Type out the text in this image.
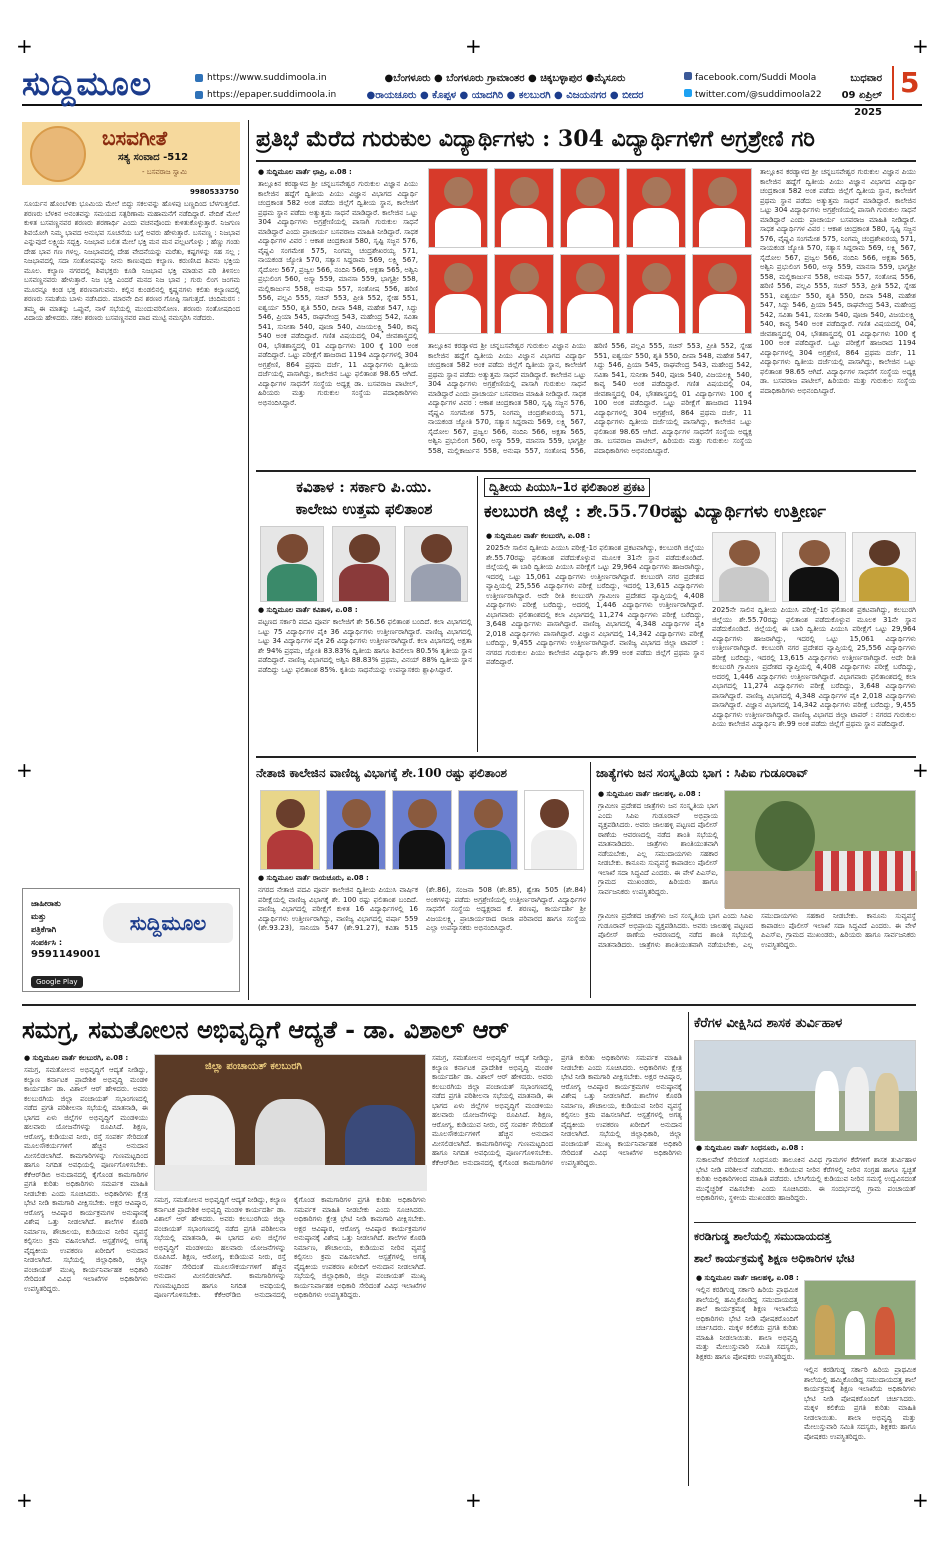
+	+	+
+	+
+	+	+
ಸುದ್ದಿಮೂಲ	https://www.suddimoola.in
https://epaper.suddimoola.in
●ಬೆಂಗಳೂರು ● ಬೆಂಗಳೂರು ಗ್ರಾಮಾಂತರ ● ಚಿಕ್ಕಬಳ್ಳಾಪುರ ●ಮೈಸೂರು
●ರಾಯಚೂರು ● ಕೊಪ್ಪಳ ● ಯಾದಗಿರಿ ● ಕಲಬುರಗಿ ● ವಿಜಯನಗರ ● ಬೀದರ
facebook.com/Suddi Moola
twitter.com/@suddimoola22
ಬುಧವಾರ
09 ಏಪ್ರಿಲ್ 2025
5
ಬಸವಗೀತೆ
ಸತ್ಯ ಸಂವಾದ -512
- ಬಸವರಾಜ ಸ್ವಾಮಿ
9980533750
ಸೂರ್ಯನ ಹೊಂಬೆಳಕು ಭೂಮಿಯ ಮೇಲೆ ಬಿದ್ದು ಸಕಲವನ್ನು ಹೊಳಪು ಬಣ್ಣದಿಂದ ಬೆಳಗುತ್ತಲಿದೆ. ಶರಣರು ಬೆಳಕಿನ ಅನಂತವನ್ನು ಸಮಯದ ಸತ್ಪರಿಣಾಮ ಮಹಾಮನೆಗೆ ನಡೆದಿದ್ದಾರೆ. ವೇದಿಕೆ ಮೇಲೆ ಕುಳಿತ ಬಸವಣ್ಣನವರ ಶರಣರು ಶರಣಾರ್ಥಿ ಎಂದು ವಚನವೊಂದು ಕುಳಿತುಕೊಳ್ಳುತ್ತಾರೆ. ನಿಜಗುಣ ಶಿವಯೋಗಿ ನಿಮ್ಮ ಭಾವದ ಅನುಭವ ಸೂಚನೆಯ ಬಗ್ಗೆ ಅವರು ಹೇಳುತ್ತಾರೆ. ಬಸವಣ್ಣ : ನಿಜಭಾವ ಎನ್ನುವುದೆ ಲಕ್ಷ್ಮಿಯ ಸದ್ಭಕ್ತಿ. ನಿಜಭಾವ ಬಲಿತ ಮೇಲೆ ಭಕ್ತಿ ಮನ ಮನ ಪಲ್ಲಟಗೊಳ್ಳು ; ಹೆಣ್ಣು ಗಂಡು ದೇಹ ಭಾವ ಗಣ ಗಳಲ್ಲ. ನಿಜಭಾವದಲ್ಲಿ ದೇಹ ವೇದನೆಯನ್ನು ಮರೆತು, ಕಷ್ಟಗಳನ್ನು ಸಹ ಸಲ್ಲ ; ನಿಜಭಾವದಲ್ಲಿ ಸದಾ ಸಂತೋಷವನ್ನು ನೀನು ಕಾಣುವುದು ಕಲ್ಯಾಣ. ಕರುಣಿಸಿದ ಶಿವನು ಭಕ್ತಿಯ ಮೂಲ. ಕಲ್ಯಾಣ ನಗರದಲ್ಲಿ ಶಿವಭಕ್ತರು ಕೂಡಿ ನಿಜಭಾವ ಭಕ್ತಿ ಮಾಡುವ ಪರಿ ತಿಳಿಸಲು ಬಸವಣ್ಣನವರು ಹೇಳುತ್ತಾರೆ. ನಿಜ ಭಕ್ತಿ ಎಂದರೆ ಮನದ ನಿಜ ಭಾವ ; ಗುರು ಲಿಂಗ ಜಂಗಮ ಮೂರನ್ನೂ ಕಂಡ ಭಕ್ತ ಶರಣನಾಗುವನು. ಕಲ್ಲಿನ ಕುಂಡಲಿನಲ್ಲಿ ಕೃಷ್ಣನಗಳು ಕಲಿತು ಕಲ್ಯಾಣದಲ್ಲಿ ಶರಣರು ಸಮತೆಯ ಬಾಳು ನಡೆಸಿದರು. ಮಾರನೇ ದಿನ ಶರಣರ ಗೋಷ್ಠಿ ಸಾಗುತ್ತದೆ. ಚಂದಿಮರಸ : ತಮ್ಮ ಈ ಮಾತನ್ನು ಒಪ್ಪುವೆ, ನಾಳೆ ಸಭೆಯಲ್ಲಿ ಮುಂದುವರಿಸೋಣ. ಶರಣರು ಸಂತೋಷದಿಂದ ವಿದಾಯ ಹೇಳಿದರು. ಸಕಲ ಶರಣರು ಬಸವಣ್ಣನವರ ಪಾದ ಮುಟ್ಟಿ ನಮಸ್ಕರಿಸಿ ನಡೆದರು.
ಜಾಹೀರಾತು
ಮತ್ತು
ಪತ್ರಿಕೆಗಾಗಿ
ಸಂಪರ್ಕಿಸಿ :
9591149001
ಸುದ್ದಿಮೂಲ
Google Play
ಪ್ರತಿಭೆ ಮೆರೆದ ಗುರುಕುಲ ವಿದ್ಯಾರ್ಥಿಗಳು : 304 ವಿದ್ಯಾರ್ಥಿಗಳಿಗೆ ಅಗ್ರಶ್ರೇಣಿ ಗರಿ
● ಸುದ್ದಿಮೂಲ ವಾರ್ತೆ ಛಾಪ್ರಿ, ಏ.08 :
ತಾಲ್ಲೂಕಿನ ಕರಡ್ಯಾಳದ ಶ್ರೀ ಚನ್ನಬಸವೇಶ್ವರ ಗುರುಕುಲ ವಿಜ್ಞಾನ ಪಿಯು ಕಾಲೇಜಿನ ಹದ್ದೆಗೆ ದ್ವಿತೀಯ ಪಿಯು ವಿಜ್ಞಾನ ವಿಭಾಗದ ವಿದ್ಯಾರ್ಥಿ ಚಂದ್ರಕಾಂತ 582 ಅಂಕ ಪಡೆದು ಜಿಲ್ಲೆಗೆ ದ್ವಿತೀಯ ಸ್ಥಾನ, ಕಾಲೇಜಿಗೆ ಪ್ರಥಮ ಸ್ಥಾನ ಪಡೆದು ಅತ್ಯುತ್ತಮ ಸಾಧನೆ ಮಾಡಿದ್ದಾರೆ. ಕಾಲೇಜಿನ ಒಟ್ಟು 304 ವಿದ್ಯಾರ್ಥಿಗಳು ಅಗ್ರಶ್ರೇಣಿಯಲ್ಲಿ ಪಾಸಾಗಿ ಗುರುಕುಲ ಸಾಧನೆ ಮಾಡಿದ್ದಾರೆ ಎಂದು ಪ್ರಾಚಾರ್ಯ ಬಸವರಾಜ ಮಾಹಿತಿ ನೀಡಿದ್ದಾರೆ. ಸಾಧಕ ವಿದ್ಯಾರ್ಥಿಗಳ ವಿವರ : ಆಕಾಶ ಚಿಂದ್ರಕಾಂತ 580, ಸೃಷ್ಟಿ ಸಜ್ಜನ 576, ವೈಷ್ಣವಿ ಸಂಗಮೇಶ 575, ನಿಂಗಮ್ಮ ಚಂದ್ರಶೇಖರಯ್ಯ 571, ನಾಯಕಂಡ ಜ್ಯೋತಿ 570, ಸತ್ಯಾಸ ಸಿದ್ದರಾಮ 569, ಲಕ್ಷ್ಮಿ 567, ಸೈದೋಲ 567, ಪ್ರಜ್ವಲ 566, ನಂದಿನಿ 566, ಅಕ್ಷತಾ 565, ಅಶ್ವಿನಿ ಪ್ರಭುಲಿಂಗ 560, ಅಸ್ಮಾ 559, ಮಾನಸಾ 559, ಭಾಗ್ಯಶ್ರೀ 558, ಮಲ್ಲಿಕಾರ್ಜುನ 558, ಅನುಷಾ 557, ಸಂತೋಷ 556, ಹರಿಣಿ 556, ಪಲ್ಲವಿ 555, ಸಚಿನ್ 553, ಪ್ರೀತಿ 552, ಸ್ನೇಹ 551, ಐಶ್ವರ್ಯ 550, ಶೃತಿ 550, ದೀಪಾ 548, ಮಹೇಶ 547, ಸಿದ್ದು 546, ಪ್ರಿಯಾ 545, ರಾಘವೇಂದ್ರ 543, ಮಹೇಂದ್ರ 542, ಸವಿತಾ 541, ಸುನೀತಾ 540, ಪೂಜಾ 540, ವಿಜಯಲಕ್ಷ್ಮಿ 540, ಕಾವ್ಯ 540 ಅಂಕ ಪಡೆದಿದ್ದಾರೆ. ಗಣಿತ ವಿಷಯದಲ್ಲಿ 04, ಜೀವಶಾಸ್ತ್ರದಲ್ಲಿ 04, ಭೌತಶಾಸ್ತ್ರದಲ್ಲಿ 01 ವಿದ್ಯಾರ್ಥಿಗಳು 100 ಕ್ಕೆ 100 ಅಂಕ ಪಡೆದಿದ್ದಾರೆ. ಒಟ್ಟು ಪರೀಕ್ಷೆಗೆ ಹಾಜರಾದ 1194 ವಿದ್ಯಾರ್ಥಿಗಳಲ್ಲಿ 304 ಅಗ್ರಶ್ರೇಣಿ, 864 ಪ್ರಥಮ ದರ್ಜೆ, 11 ವಿದ್ಯಾರ್ಥಿಗಳು ದ್ವಿತೀಯ ದರ್ಜೆಯಲ್ಲಿ ಪಾಸಾಗಿದ್ದು, ಕಾಲೇಜಿನ ಒಟ್ಟು ಫಲಿತಾಂಶ 98.65 ಆಗಿದೆ. ವಿದ್ಯಾರ್ಥಿಗಳ ಸಾಧನೆಗೆ ಸಂಸ್ಥೆಯ ಅಧ್ಯಕ್ಷ ಡಾ. ಬಸವರಾಜ ಪಾಟೀಲ್, ಹಿರಿಯರು ಮತ್ತು ಗುರುಕುಲ ಸಂಸ್ಥೆಯ ಪದಾಧಿಕಾರಿಗಳು ಅಭಿನಂದಿಸಿದ್ದಾರೆ.
ತಾಲ್ಲೂಕಿನ ಕರಡ್ಯಾಳದ ಶ್ರೀ ಚನ್ನಬಸವೇಶ್ವರ ಗುರುಕುಲ ವಿಜ್ಞಾನ ಪಿಯು ಕಾಲೇಜಿನ ಹದ್ದೆಗೆ ದ್ವಿತೀಯ ಪಿಯು ವಿಜ್ಞಾನ ವಿಭಾಗದ ವಿದ್ಯಾರ್ಥಿ ಚಂದ್ರಕಾಂತ 582 ಅಂಕ ಪಡೆದು ಜಿಲ್ಲೆಗೆ ದ್ವಿತೀಯ ಸ್ಥಾನ, ಕಾಲೇಜಿಗೆ ಪ್ರಥಮ ಸ್ಥಾನ ಪಡೆದು ಅತ್ಯುತ್ತಮ ಸಾಧನೆ ಮಾಡಿದ್ದಾರೆ. ಕಾಲೇಜಿನ ಒಟ್ಟು 304 ವಿದ್ಯಾರ್ಥಿಗಳು ಅಗ್ರಶ್ರೇಣಿಯಲ್ಲಿ ಪಾಸಾಗಿ ಗುರುಕುಲ ಸಾಧನೆ ಮಾಡಿದ್ದಾರೆ ಎಂದು ಪ್ರಾಚಾರ್ಯ ಬಸವರಾಜ ಮಾಹಿತಿ ನೀಡಿದ್ದಾರೆ. ಸಾಧಕ ವಿದ್ಯಾರ್ಥಿಗಳ ವಿವರ : ಆಕಾಶ ಚಿಂದ್ರಕಾಂತ 580, ಸೃಷ್ಟಿ ಸಜ್ಜನ 576, ವೈಷ್ಣವಿ ಸಂಗಮೇಶ 575, ನಿಂಗಮ್ಮ ಚಂದ್ರಶೇಖರಯ್ಯ 571, ನಾಯಕಂಡ ಜ್ಯೋತಿ 570, ಸತ್ಯಾಸ ಸಿದ್ದರಾಮ 569, ಲಕ್ಷ್ಮಿ 567, ಸೈದೋಲ 567, ಪ್ರಜ್ವಲ 566, ನಂದಿನಿ 566, ಅಕ್ಷತಾ 565, ಅಶ್ವಿನಿ ಪ್ರಭುಲಿಂಗ 560, ಅಸ್ಮಾ 559, ಮಾನಸಾ 559, ಭಾಗ್ಯಶ್ರೀ 558, ಮಲ್ಲಿಕಾರ್ಜುನ 558, ಅನುಷಾ 557, ಸಂತೋಷ 556, ಹರಿಣಿ 556, ಪಲ್ಲವಿ 555, ಸಚಿನ್ 553, ಪ್ರೀತಿ 552, ಸ್ನೇಹ 551, ಐಶ್ವರ್ಯ 550, ಶೃತಿ 550, ದೀಪಾ 548, ಮಹೇಶ 547, ಸಿದ್ದು 546, ಪ್ರಿಯಾ 545, ರಾಘವೇಂದ್ರ 543, ಮಹೇಂದ್ರ 542, ಸವಿತಾ 541, ಸುನೀತಾ 540, ಪೂಜಾ 540, ವಿಜಯಲಕ್ಷ್ಮಿ 540, ಕಾವ್ಯ 540 ಅಂಕ ಪಡೆದಿದ್ದಾರೆ. ಗಣಿತ ವಿಷಯದಲ್ಲಿ 04, ಜೀವಶಾಸ್ತ್ರದಲ್ಲಿ 04, ಭೌತಶಾಸ್ತ್ರದಲ್ಲಿ 01 ವಿದ್ಯಾರ್ಥಿಗಳು 100 ಕ್ಕೆ 100 ಅಂಕ ಪಡೆದಿದ್ದಾರೆ. ಒಟ್ಟು ಪರೀಕ್ಷೆಗೆ ಹಾಜರಾದ 1194 ವಿದ್ಯಾರ್ಥಿಗಳಲ್ಲಿ 304 ಅಗ್ರಶ್ರೇಣಿ, 864 ಪ್ರಥಮ ದರ್ಜೆ, 11 ವಿದ್ಯಾರ್ಥಿಗಳು ದ್ವಿತೀಯ ದರ್ಜೆಯಲ್ಲಿ ಪಾಸಾಗಿದ್ದು, ಕಾಲೇಜಿನ ಒಟ್ಟು ಫಲಿತಾಂಶ 98.65 ಆಗಿದೆ. ವಿದ್ಯಾರ್ಥಿಗಳ ಸಾಧನೆಗೆ ಸಂಸ್ಥೆಯ ಅಧ್ಯಕ್ಷ ಡಾ. ಬಸವರಾಜ ಪಾಟೀಲ್, ಹಿರಿಯರು ಮತ್ತು ಗುರುಕುಲ ಸಂಸ್ಥೆಯ ಪದಾಧಿಕಾರಿಗಳು ಅಭಿನಂದಿಸಿದ್ದಾರೆ.
ತಾಲ್ಲೂಕಿನ ಕರಡ್ಯಾಳದ ಶ್ರೀ ಚನ್ನಬಸವೇಶ್ವರ ಗುರುಕುಲ ವಿಜ್ಞಾನ ಪಿಯು ಕಾಲೇಜಿನ ಹದ್ದೆಗೆ ದ್ವಿತೀಯ ಪಿಯು ವಿಜ್ಞಾನ ವಿಭಾಗದ ವಿದ್ಯಾರ್ಥಿ ಚಂದ್ರಕಾಂತ 582 ಅಂಕ ಪಡೆದು ಜಿಲ್ಲೆಗೆ ದ್ವಿತೀಯ ಸ್ಥಾನ, ಕಾಲೇಜಿಗೆ ಪ್ರಥಮ ಸ್ಥಾನ ಪಡೆದು ಅತ್ಯುತ್ತಮ ಸಾಧನೆ ಮಾಡಿದ್ದಾರೆ. ಕಾಲೇಜಿನ ಒಟ್ಟು 304 ವಿದ್ಯಾರ್ಥಿಗಳು ಅಗ್ರಶ್ರೇಣಿಯಲ್ಲಿ ಪಾಸಾಗಿ ಗುರುಕುಲ ಸಾಧನೆ ಮಾಡಿದ್ದಾರೆ ಎಂದು ಪ್ರಾಚಾರ್ಯ ಬಸವರಾಜ ಮಾಹಿತಿ ನೀಡಿದ್ದಾರೆ. ಸಾಧಕ ವಿದ್ಯಾರ್ಥಿಗಳ ವಿವರ : ಆಕಾಶ ಚಿಂದ್ರಕಾಂತ 580, ಸೃಷ್ಟಿ ಸಜ್ಜನ 576, ವೈಷ್ಣವಿ ಸಂಗಮೇಶ 575, ನಿಂಗಮ್ಮ ಚಂದ್ರಶೇಖರಯ್ಯ 571, ನಾಯಕಂಡ ಜ್ಯೋತಿ 570, ಸತ್ಯಾಸ ಸಿದ್ದರಾಮ 569, ಲಕ್ಷ್ಮಿ 567, ಸೈದೋಲ 567, ಪ್ರಜ್ವಲ 566, ನಂದಿನಿ 566, ಅಕ್ಷತಾ 565, ಅಶ್ವಿನಿ ಪ್ರಭುಲಿಂಗ 560, ಅಸ್ಮಾ 559, ಮಾನಸಾ 559, ಭಾಗ್ಯಶ್ರೀ 558, ಮಲ್ಲಿಕಾರ್ಜುನ 558, ಅನುಷಾ 557, ಸಂತೋಷ 556, ಹರಿಣಿ 556, ಪಲ್ಲವಿ 555, ಸಚಿನ್ 553, ಪ್ರೀತಿ 552, ಸ್ನೇಹ 551, ಐಶ್ವರ್ಯ 550, ಶೃತಿ 550, ದೀಪಾ 548, ಮಹೇಶ 547, ಸಿದ್ದು 546, ಪ್ರಿಯಾ 545, ರಾಘವೇಂದ್ರ 543, ಮಹೇಂದ್ರ 542, ಸವಿತಾ 541, ಸುನೀತಾ 540, ಪೂಜಾ 540, ವಿಜಯಲಕ್ಷ್ಮಿ 540, ಕಾವ್ಯ 540 ಅಂಕ ಪಡೆದಿದ್ದಾರೆ. ಗಣಿತ ವಿಷಯದಲ್ಲಿ 04, ಜೀವಶಾಸ್ತ್ರದಲ್ಲಿ 04, ಭೌತಶಾಸ್ತ್ರದಲ್ಲಿ 01 ವಿದ್ಯಾರ್ಥಿಗಳು 100 ಕ್ಕೆ 100 ಅಂಕ ಪಡೆದಿದ್ದಾರೆ. ಒಟ್ಟು ಪರೀಕ್ಷೆಗೆ ಹಾಜರಾದ 1194 ವಿದ್ಯಾರ್ಥಿಗಳಲ್ಲಿ 304 ಅಗ್ರಶ್ರೇಣಿ, 864 ಪ್ರಥಮ ದರ್ಜೆ, 11 ವಿದ್ಯಾರ್ಥಿಗಳು ದ್ವಿತೀಯ ದರ್ಜೆಯಲ್ಲಿ ಪಾಸಾಗಿದ್ದು, ಕಾಲೇಜಿನ ಒಟ್ಟು ಫಲಿತಾಂಶ 98.65 ಆಗಿದೆ. ವಿದ್ಯಾರ್ಥಿಗಳ ಸಾಧನೆಗೆ ಸಂಸ್ಥೆಯ ಅಧ್ಯಕ್ಷ ಡಾ. ಬಸವರಾಜ ಪಾಟೀಲ್, ಹಿರಿಯರು ಮತ್ತು ಗುರುಕುಲ ಸಂಸ್ಥೆಯ ಪದಾಧಿಕಾರಿಗಳು ಅಭಿನಂದಿಸಿದ್ದಾರೆ.
ಕವಿತಾಳ : ಸರ್ಕಾರಿ ಪಿ.ಯು.
ಕಾಲೇಜು ಉತ್ತಮ ಫಲಿತಾಂಶ
● ಸುದ್ದಿಮೂಲ ವಾರ್ತೆ ಕವಿತಾಳ, ಏ.08 :
ಪಟ್ಟಣದ ಸರ್ಕಾರಿ ಪದವಿ ಪೂರ್ವ ಕಾಲೇಜಿಗೆ ಶೇ 56.56 ಫಲಿತಾಂಶ ಬಂದಿದೆ. ಕಲಾ ವಿಭಾಗದಲ್ಲಿ ಒಟ್ಟು 75 ವಿದ್ಯಾರ್ಥಿಗಳ ಪೈಕಿ 36 ವಿದ್ಯಾರ್ಥಿಗಳು ಉತ್ತೀರ್ಣರಾಗಿದ್ದಾರೆ. ವಾಣಿಜ್ಯ ವಿಭಾಗದಲ್ಲಿ ಒಟ್ಟು 34 ವಿದ್ಯಾರ್ಥಿಗಳ ಪೈಕಿ 26 ವಿದ್ಯಾರ್ಥಿಗಳು ಉತ್ತೀರ್ಣರಾಗಿದ್ದಾರೆ. ಕಲಾ ವಿಭಾಗದಲ್ಲಿ ಅಕ್ಷತಾ ಶೇ 94% ಪ್ರಥಮ, ಜ್ಯೋತಿ 83.83% ದ್ವಿತೀಯ ಹಾಗೂ ಶಿವಲೀಲಾ 80.5% ತೃತೀಯ ಸ್ಥಾನ ಪಡೆದಿದ್ದಾರೆ. ವಾಣಿಜ್ಯ ವಿಭಾಗದಲ್ಲಿ ಅಶ್ವಿನಿ 88.83% ಪ್ರಥಮ, ವಿನಯ್ 88% ದ್ವಿತೀಯ ಸ್ಥಾನ ಪಡೆದಿದ್ದು ಒಟ್ಟು ಫಲಿತಾಂಶ 85%. ಕೃತಿಯ ಸಾಧನೆಯನ್ನು ಉಪನ್ಯಾಸಕರು ಶ್ಲಾಘಿಸಿದ್ದಾರೆ.
ದ್ವಿತೀಯ ಪಿಯುಸಿ–1ರ ಫಲಿತಾಂಶ ಪ್ರಕಟ
ಕಲಬುರಗಿ ಜಿಲ್ಲೆ : ಶೇ.55.70ರಷ್ಟು ವಿದ್ಯಾರ್ಥಿಗಳು ಉತ್ತೀರ್ಣ
● ಸುದ್ದಿಮೂಲ ವಾರ್ತೆ ಕಲಬುರಗಿ, ಏ.08 :
2025ನೇ ಸಾಲಿನ ದ್ವಿತೀಯ ಪಿಯುಸಿ ಪರೀಕ್ಷೆ-1ರ ಫಲಿತಾಂಶ ಪ್ರಕಟವಾಗಿದ್ದು, ಕಲಬುರಗಿ ಜಿಲ್ಲೆಯು ಶೇ.55.70ರಷ್ಟು ಫಲಿತಾಂಶ ಪಡೆದುಕೊಳ್ಳುವ ಮೂಲಕ 31ನೇ ಸ್ಥಾನ ಪಡೆದುಕೊಂಡಿದೆ. ಜಿಲ್ಲೆಯಲ್ಲಿ ಈ ಬಾರಿ ದ್ವಿತೀಯ ಪಿಯುಸಿ ಪರೀಕ್ಷೆಗೆ ಒಟ್ಟು 29,964 ವಿದ್ಯಾರ್ಥಿಗಳು ಹಾಜರಾಗಿದ್ದು, ಇದರಲ್ಲಿ ಒಟ್ಟು 15,061 ವಿದ್ಯಾರ್ಥಿಗಳು ಉತ್ತೀರ್ಣರಾಗಿದ್ದಾರೆ. ಕಲಬುರಗಿ ನಗರ ಪ್ರದೇಶದ ವ್ಯಾಪ್ತಿಯಲ್ಲಿ 25,556 ವಿದ್ಯಾರ್ಥಿಗಳು ಪರೀಕ್ಷೆ ಬರೆದಿದ್ದು, ಇದರಲ್ಲಿ 13,615 ವಿದ್ಯಾರ್ಥಿಗಳು ಉತ್ತೀರ್ಣರಾಗಿದ್ದಾರೆ. ಅದೇ ರೀತಿ ಕಲಬುರಗಿ ಗ್ರಾಮೀಣ ಪ್ರದೇಶದ ವ್ಯಾಪ್ತಿಯಲ್ಲಿ 4,408 ವಿದ್ಯಾರ್ಥಿಗಳು ಪರೀಕ್ಷೆ ಬರೆದಿದ್ದು, ಅದರಲ್ಲಿ 1,446 ವಿದ್ಯಾರ್ಥಿಗಳು ಉತ್ತೀರ್ಣರಾಗಿದ್ದಾರೆ. ವಿಭಾಗವಾರು ಫಲಿತಾಂಶದಲ್ಲಿ ಕಲಾ ವಿಭಾಗದಲ್ಲಿ 11,274 ವಿದ್ಯಾರ್ಥಿಗಳು ಪರೀಕ್ಷೆ ಬರೆದಿದ್ದು, 3,648 ವಿದ್ಯಾರ್ಥಿಗಳು ಪಾಸಾಗಿದ್ದಾರೆ. ವಾಣಿಜ್ಯ ವಿಭಾಗದಲ್ಲಿ 4,348 ವಿದ್ಯಾರ್ಥಿಗಳ ಪೈಕಿ 2,018 ವಿದ್ಯಾರ್ಥಿಗಳು ಪಾಸಾಗಿದ್ದಾರೆ. ವಿಜ್ಞಾನ ವಿಭಾಗದಲ್ಲಿ 14,342 ವಿದ್ಯಾರ್ಥಿಗಳು ಪರೀಕ್ಷೆ ಬರೆದಿದ್ದು, 9,455 ವಿದ್ಯಾರ್ಥಿಗಳು ಉತ್ತೀರ್ಣರಾಗಿದ್ದಾರೆ. ವಾಣಿಜ್ಯ ವಿಭಾಗದ ಜಿಲ್ಲಾ ಟಾಪರ್ : ನಗರದ ಗುರುಕುಲ ಪಿಯು ಕಾಲೇಜಿನ ವಿದ್ಯಾರ್ಥಿನಿ ಶೇ.99 ಅಂಕ ಪಡೆದು ಜಿಲ್ಲೆಗೆ ಪ್ರಥಮ ಸ್ಥಾನ ಪಡೆದಿದ್ದಾರೆ.
2025ನೇ ಸಾಲಿನ ದ್ವಿತೀಯ ಪಿಯುಸಿ ಪರೀಕ್ಷೆ-1ರ ಫಲಿತಾಂಶ ಪ್ರಕಟವಾಗಿದ್ದು, ಕಲಬುರಗಿ ಜಿಲ್ಲೆಯು ಶೇ.55.70ರಷ್ಟು ಫಲಿತಾಂಶ ಪಡೆದುಕೊಳ್ಳುವ ಮೂಲಕ 31ನೇ ಸ್ಥಾನ ಪಡೆದುಕೊಂಡಿದೆ. ಜಿಲ್ಲೆಯಲ್ಲಿ ಈ ಬಾರಿ ದ್ವಿತೀಯ ಪಿಯುಸಿ ಪರೀಕ್ಷೆಗೆ ಒಟ್ಟು 29,964 ವಿದ್ಯಾರ್ಥಿಗಳು ಹಾಜರಾಗಿದ್ದು, ಇದರಲ್ಲಿ ಒಟ್ಟು 15,061 ವಿದ್ಯಾರ್ಥಿಗಳು ಉತ್ತೀರ್ಣರಾಗಿದ್ದಾರೆ. ಕಲಬುರಗಿ ನಗರ ಪ್ರದೇಶದ ವ್ಯಾಪ್ತಿಯಲ್ಲಿ 25,556 ವಿದ್ಯಾರ್ಥಿಗಳು ಪರೀಕ್ಷೆ ಬರೆದಿದ್ದು, ಇದರಲ್ಲಿ 13,615 ವಿದ್ಯಾರ್ಥಿಗಳು ಉತ್ತೀರ್ಣರಾಗಿದ್ದಾರೆ. ಅದೇ ರೀತಿ ಕಲಬುರಗಿ ಗ್ರಾಮೀಣ ಪ್ರದೇಶದ ವ್ಯಾಪ್ತಿಯಲ್ಲಿ 4,408 ವಿದ್ಯಾರ್ಥಿಗಳು ಪರೀಕ್ಷೆ ಬರೆದಿದ್ದು, ಅದರಲ್ಲಿ 1,446 ವಿದ್ಯಾರ್ಥಿಗಳು ಉತ್ತೀರ್ಣರಾಗಿದ್ದಾರೆ. ವಿಭಾಗವಾರು ಫಲಿತಾಂಶದಲ್ಲಿ ಕಲಾ ವಿಭಾಗದಲ್ಲಿ 11,274 ವಿದ್ಯಾರ್ಥಿಗಳು ಪರೀಕ್ಷೆ ಬರೆದಿದ್ದು, 3,648 ವಿದ್ಯಾರ್ಥಿಗಳು ಪಾಸಾಗಿದ್ದಾರೆ. ವಾಣಿಜ್ಯ ವಿಭಾಗದಲ್ಲಿ 4,348 ವಿದ್ಯಾರ್ಥಿಗಳ ಪೈಕಿ 2,018 ವಿದ್ಯಾರ್ಥಿಗಳು ಪಾಸಾಗಿದ್ದಾರೆ. ವಿಜ್ಞಾನ ವಿಭಾಗದಲ್ಲಿ 14,342 ವಿದ್ಯಾರ್ಥಿಗಳು ಪರೀಕ್ಷೆ ಬರೆದಿದ್ದು, 9,455 ವಿದ್ಯಾರ್ಥಿಗಳು ಉತ್ತೀರ್ಣರಾಗಿದ್ದಾರೆ. ವಾಣಿಜ್ಯ ವಿಭಾಗದ ಜಿಲ್ಲಾ ಟಾಪರ್ : ನಗರದ ಗುರುಕುಲ ಪಿಯು ಕಾಲೇಜಿನ ವಿದ್ಯಾರ್ಥಿನಿ ಶೇ.99 ಅಂಕ ಪಡೆದು ಜಿಲ್ಲೆಗೆ ಪ್ರಥಮ ಸ್ಥಾನ ಪಡೆದಿದ್ದಾರೆ.
ನೇತಾಜಿ ಕಾಲೇಜಿನ ವಾಣಿಜ್ಯ ವಿಭಾಗಕ್ಕೆ ಶೇ.100 ರಷ್ಟು ಫಲಿತಾಂಶ
● ಸುದ್ದಿಮೂಲ ವಾರ್ತೆ ರಾಯಚೂರು, ಏ.08 :
ನಗರದ ನೇತಾಜಿ ಪದವಿ ಪೂರ್ವ ಕಾಲೇಜಿನ ದ್ವಿತೀಯ ಪಿಯುಸಿ ವಾರ್ಷಿಕ ಪರೀಕ್ಷೆಯಲ್ಲಿ ವಾಣಿಜ್ಯ ವಿಭಾಗಕ್ಕೆ ಶೇ. 100 ರಷ್ಟು ಫಲಿತಾಂಶ ಬಂದಿದೆ. ವಾಣಿಜ್ಯ ವಿಭಾಗದಲ್ಲಿ ಪರೀಕ್ಷೆಗೆ ಕುಳಿತ 16 ವಿದ್ಯಾರ್ಥಿಗಳಲ್ಲಿ 16 ವಿದ್ಯಾರ್ಥಿಗಳು ಉತ್ತೀರ್ಣರಾಗಿದ್ದು, ವಾಣಿಜ್ಯ ವಿಭಾಗದಲ್ಲಿ ವರ್ಷಾ 559 (ಶೇ.93.23), ಸಾನಿಯಾ 547 (ಶೇ.91.27), ಕವಿತಾ 515 (ಶೇ.86), ಸಂಜನಾ 508 (ಶೇ.85), ಶ್ವೇತಾ 505 (ಶೇ.84) ಅಂಕಗಳನ್ನು ಪಡೆದು ಅಗ್ರಶ್ರೇಣಿಯಲ್ಲಿ ಉತ್ತೀರ್ಣರಾಗಿದ್ದಾರೆ. ವಿದ್ಯಾರ್ಥಿಗಳ ಸಾಧನೆಗೆ ಸಂಸ್ಥೆಯ ಅಧ್ಯಕ್ಷರಾದ ಕೆ. ಶರಣಪ್ಪ, ಕಾರ್ಯದರ್ಶಿ ಶ್ರೀ ವಿಜಯಲಕ್ಷ್ಮಿ, ಪ್ರಾಚಾರ್ಯರಾದ ರಾಜಾ ಪರಿವಾರದ ಹಾಗೂ ಸಂಸ್ಥೆಯ ಎಲ್ಲಾ ಉಪನ್ಯಾಸಕರು ಅಭಿನಂದಿಸಿದ್ದಾರೆ.
ಜಾತ್ಯೆಗಳು ಜನ ಸಂಸ್ಕೃತಿಯ ಭಾಗ : ಸಿಪಿಐ ಗುಡೂರಾವ್
● ಸುದ್ದಿಮೂಲ ವಾರ್ತೆ ಜಾಲಹಳ್ಳಿ, ಏ.08 :
ಗ್ರಾಮೀಣ ಪ್ರದೇಶದ ಜಾತ್ರೆಗಳು ಜನ ಸಂಸ್ಕೃತಿಯ ಭಾಗ ಎಂದು ಸಿಪಿಐ ಗುಡೂರಾವ್ ಅಭಿಪ್ರಾಯ ವ್ಯಕ್ತಪಡಿಸಿದರು. ಅವರು ಜಾಲಹಳ್ಳಿ ಪಟ್ಟಣದ ಪೊಲೀಸ್ ಠಾಣೆಯ ಆವರಣದಲ್ಲಿ ನಡೆದ ಶಾಂತಿ ಸಭೆಯಲ್ಲಿ ಮಾತನಾಡಿದರು. ಜಾತ್ರೆಗಳು ಶಾಂತಿಯುತವಾಗಿ ನಡೆಯಬೇಕು, ಎಲ್ಲ ಸಮುದಾಯಗಳು ಸಹಕಾರ ನೀಡಬೇಕು. ಕಾನೂನು ಸುವ್ಯವಸ್ಥೆ ಕಾಪಾಡಲು ಪೊಲೀಸ್ ಇಲಾಖೆ ಸದಾ ಸಿದ್ಧವಿದೆ ಎಂದರು. ಈ ವೇಳೆ ಪಿಎಸ್ಐ, ಗ್ರಾಮದ ಮುಖಂಡರು, ಹಿರಿಯರು ಹಾಗೂ ಸಾರ್ವಜನಿಕರು ಉಪಸ್ಥಿತರಿದ್ದರು.
ಗ್ರಾಮೀಣ ಪ್ರದೇಶದ ಜಾತ್ರೆಗಳು ಜನ ಸಂಸ್ಕೃತಿಯ ಭಾಗ ಎಂದು ಸಿಪಿಐ ಗುಡೂರಾವ್ ಅಭಿಪ್ರಾಯ ವ್ಯಕ್ತಪಡಿಸಿದರು. ಅವರು ಜಾಲಹಳ್ಳಿ ಪಟ್ಟಣದ ಪೊಲೀಸ್ ಠಾಣೆಯ ಆವರಣದಲ್ಲಿ ನಡೆದ ಶಾಂತಿ ಸಭೆಯಲ್ಲಿ ಮಾತನಾಡಿದರು. ಜಾತ್ರೆಗಳು ಶಾಂತಿಯುತವಾಗಿ ನಡೆಯಬೇಕು, ಎಲ್ಲ ಸಮುದಾಯಗಳು ಸಹಕಾರ ನೀಡಬೇಕು. ಕಾನೂನು ಸುವ್ಯವಸ್ಥೆ ಕಾಪಾಡಲು ಪೊಲೀಸ್ ಇಲಾಖೆ ಸದಾ ಸಿದ್ಧವಿದೆ ಎಂದರು. ಈ ವೇಳೆ ಪಿಎಸ್ಐ, ಗ್ರಾಮದ ಮುಖಂಡರು, ಹಿರಿಯರು ಹಾಗೂ ಸಾರ್ವಜನಿಕರು ಉಪಸ್ಥಿತರಿದ್ದರು.
ಸಮಗ್ರ, ಸಮತೋಲನ ಅಭಿವೃದ್ಧಿಗೆ ಆದ್ಯತೆ - ಡಾ. ವಿಶಾಲ್ ಆರ್
● ಸುದ್ದಿಮೂಲ ವಾರ್ತೆ ಕಲಬುರಗಿ, ಏ.08 :
ಸಮಗ್ರ, ಸಮತೋಲನ ಅಭಿವೃದ್ಧಿಗೆ ಆದ್ಯತೆ ನೀಡಿದ್ದು, ಕಲ್ಯಾಣ ಕರ್ನಾಟಕ ಪ್ರಾದೇಶಿಕ ಅಭಿವೃದ್ಧಿ ಮಂಡಳಿ ಕಾರ್ಯದರ್ಶಿ ಡಾ. ವಿಶಾಲ್ ಆರ್ ಹೇಳಿದರು. ಅವರು ಕಲಬುರಗಿಯ ಜಿಲ್ಲಾ ಪಂಚಾಯತ್ ಸಭಾಂಗಣದಲ್ಲಿ ನಡೆದ ಪ್ರಗತಿ ಪರಿಶೀಲನಾ ಸಭೆಯಲ್ಲಿ ಮಾತನಾಡಿ, ಈ ಭಾಗದ ಏಳು ಜಿಲ್ಲೆಗಳ ಅಭಿವೃದ್ಧಿಗೆ ಮಂಡಳಿಯು ಹಲವಾರು ಯೋಜನೆಗಳನ್ನು ರೂಪಿಸಿದೆ. ಶಿಕ್ಷಣ, ಆರೋಗ್ಯ, ಕುಡಿಯುವ ನೀರು, ರಸ್ತೆ ಸಂಪರ್ಕ ಸೇರಿದಂತೆ ಮೂಲಸೌಕರ್ಯಗಳಿಗೆ ಹೆಚ್ಚಿನ ಅನುದಾನ ಮೀಸಲಿಡಲಾಗಿದೆ. ಕಾಮಗಾರಿಗಳನ್ನು ಗುಣಮಟ್ಟದಿಂದ ಹಾಗೂ ನಿಗದಿತ ಅವಧಿಯಲ್ಲಿ ಪೂರ್ಣಗೊಳಿಸಬೇಕು. ಕೆಕೆಆರ್‌ಡಿಬಿ ಅನುದಾನದಲ್ಲಿ ಕೈಗೊಂಡ ಕಾಮಗಾರಿಗಳ ಪ್ರಗತಿ ಕುರಿತು ಅಧಿಕಾರಿಗಳು ಸಮರ್ಪಕ ಮಾಹಿತಿ ನೀಡಬೇಕು ಎಂದು ಸೂಚಿಸಿದರು. ಅಧಿಕಾರಿಗಳು ಕ್ಷೇತ್ರ ಭೇಟಿ ನೀಡಿ ಕಾಮಗಾರಿ ವೀಕ್ಷಿಸಬೇಕು. ಅಕ್ಷರ ಆವಿಷ್ಕಾರ, ಆರೋಗ್ಯ ಆವಿಷ್ಕಾರ ಕಾರ್ಯಕ್ರಮಗಳ ಅನುಷ್ಠಾನಕ್ಕೆ ವಿಶೇಷ ಒತ್ತು ನೀಡಲಾಗಿದೆ. ಶಾಲೆಗಳ ಕೊಠಡಿ ನಿರ್ಮಾಣ, ಶೌಚಾಲಯ, ಕುಡಿಯುವ ನೀರಿನ ವ್ಯವಸ್ಥೆ ಕಲ್ಪಿಸಲು ಕ್ರಮ ವಹಿಸಲಾಗಿದೆ. ಆಸ್ಪತ್ರೆಗಳಲ್ಲಿ ಅಗತ್ಯ ವೈದ್ಯಕೀಯ ಉಪಕರಣ ಖರೀದಿಗೆ ಅನುದಾನ ನೀಡಲಾಗಿದೆ. ಸಭೆಯಲ್ಲಿ ಜಿಲ್ಲಾಧಿಕಾರಿ, ಜಿಲ್ಲಾ ಪಂಚಾಯತ್ ಮುಖ್ಯ ಕಾರ್ಯನಿರ್ವಾಹಕ ಅಧಿಕಾರಿ ಸೇರಿದಂತೆ ವಿವಿಧ ಇಲಾಖೆಗಳ ಅಧಿಕಾರಿಗಳು ಉಪಸ್ಥಿತರಿದ್ದರು.
ಜಿಲ್ಲಾ ಪಂಚಾಯತ್ ಕಲಬುರಗಿ
ಸಮಗ್ರ, ಸಮತೋಲನ ಅಭಿವೃದ್ಧಿಗೆ ಆದ್ಯತೆ ನೀಡಿದ್ದು, ಕಲ್ಯಾಣ ಕರ್ನಾಟಕ ಪ್ರಾದೇಶಿಕ ಅಭಿವೃದ್ಧಿ ಮಂಡಳಿ ಕಾರ್ಯದರ್ಶಿ ಡಾ. ವಿಶಾಲ್ ಆರ್ ಹೇಳಿದರು. ಅವರು ಕಲಬುರಗಿಯ ಜಿಲ್ಲಾ ಪಂಚಾಯತ್ ಸಭಾಂಗಣದಲ್ಲಿ ನಡೆದ ಪ್ರಗತಿ ಪರಿಶೀಲನಾ ಸಭೆಯಲ್ಲಿ ಮಾತನಾಡಿ, ಈ ಭಾಗದ ಏಳು ಜಿಲ್ಲೆಗಳ ಅಭಿವೃದ್ಧಿಗೆ ಮಂಡಳಿಯು ಹಲವಾರು ಯೋಜನೆಗಳನ್ನು ರೂಪಿಸಿದೆ. ಶಿಕ್ಷಣ, ಆರೋಗ್ಯ, ಕುಡಿಯುವ ನೀರು, ರಸ್ತೆ ಸಂಪರ್ಕ ಸೇರಿದಂತೆ ಮೂಲಸೌಕರ್ಯಗಳಿಗೆ ಹೆಚ್ಚಿನ ಅನುದಾನ ಮೀಸಲಿಡಲಾಗಿದೆ. ಕಾಮಗಾರಿಗಳನ್ನು ಗುಣಮಟ್ಟದಿಂದ ಹಾಗೂ ನಿಗದಿತ ಅವಧಿಯಲ್ಲಿ ಪೂರ್ಣಗೊಳಿಸಬೇಕು. ಕೆಕೆಆರ್‌ಡಿಬಿ ಅನುದಾನದಲ್ಲಿ ಕೈಗೊಂಡ ಕಾಮಗಾರಿಗಳ ಪ್ರಗತಿ ಕುರಿತು ಅಧಿಕಾರಿಗಳು ಸಮರ್ಪಕ ಮಾಹಿತಿ ನೀಡಬೇಕು ಎಂದು ಸೂಚಿಸಿದರು. ಅಧಿಕಾರಿಗಳು ಕ್ಷೇತ್ರ ಭೇಟಿ ನೀಡಿ ಕಾಮಗಾರಿ ವೀಕ್ಷಿಸಬೇಕು. ಅಕ್ಷರ ಆವಿಷ್ಕಾರ, ಆರೋಗ್ಯ ಆವಿಷ್ಕಾರ ಕಾರ್ಯಕ್ರಮಗಳ ಅನುಷ್ಠಾನಕ್ಕೆ ವಿಶೇಷ ಒತ್ತು ನೀಡಲಾಗಿದೆ. ಶಾಲೆಗಳ ಕೊಠಡಿ ನಿರ್ಮಾಣ, ಶೌಚಾಲಯ, ಕುಡಿಯುವ ನೀರಿನ ವ್ಯವಸ್ಥೆ ಕಲ್ಪಿಸಲು ಕ್ರಮ ವಹಿಸಲಾಗಿದೆ. ಆಸ್ಪತ್ರೆಗಳಲ್ಲಿ ಅಗತ್ಯ ವೈದ್ಯಕೀಯ ಉಪಕರಣ ಖರೀದಿಗೆ ಅನುದಾನ ನೀಡಲಾಗಿದೆ. ಸಭೆಯಲ್ಲಿ ಜಿಲ್ಲಾಧಿಕಾರಿ, ಜಿಲ್ಲಾ ಪಂಚಾಯತ್ ಮುಖ್ಯ ಕಾರ್ಯನಿರ್ವಾಹಕ ಅಧಿಕಾರಿ ಸೇರಿದಂತೆ ವಿವಿಧ ಇಲಾಖೆಗಳ ಅಧಿಕಾರಿಗಳು ಉಪಸ್ಥಿತರಿದ್ದರು.
ಸಮಗ್ರ, ಸಮತೋಲನ ಅಭಿವೃದ್ಧಿಗೆ ಆದ್ಯತೆ ನೀಡಿದ್ದು, ಕಲ್ಯಾಣ ಕರ್ನಾಟಕ ಪ್ರಾದೇಶಿಕ ಅಭಿವೃದ್ಧಿ ಮಂಡಳಿ ಕಾರ್ಯದರ್ಶಿ ಡಾ. ವಿಶಾಲ್ ಆರ್ ಹೇಳಿದರು. ಅವರು ಕಲಬುರಗಿಯ ಜಿಲ್ಲಾ ಪಂಚಾಯತ್ ಸಭಾಂಗಣದಲ್ಲಿ ನಡೆದ ಪ್ರಗತಿ ಪರಿಶೀಲನಾ ಸಭೆಯಲ್ಲಿ ಮಾತನಾಡಿ, ಈ ಭಾಗದ ಏಳು ಜಿಲ್ಲೆಗಳ ಅಭಿವೃದ್ಧಿಗೆ ಮಂಡಳಿಯು ಹಲವಾರು ಯೋಜನೆಗಳನ್ನು ರೂಪಿಸಿದೆ. ಶಿಕ್ಷಣ, ಆರೋಗ್ಯ, ಕುಡಿಯುವ ನೀರು, ರಸ್ತೆ ಸಂಪರ್ಕ ಸೇರಿದಂತೆ ಮೂಲಸೌಕರ್ಯಗಳಿಗೆ ಹೆಚ್ಚಿನ ಅನುದಾನ ಮೀಸಲಿಡಲಾಗಿದೆ. ಕಾಮಗಾರಿಗಳನ್ನು ಗುಣಮಟ್ಟದಿಂದ ಹಾಗೂ ನಿಗದಿತ ಅವಧಿಯಲ್ಲಿ ಪೂರ್ಣಗೊಳಿಸಬೇಕು. ಕೆಕೆಆರ್‌ಡಿಬಿ ಅನುದಾನದಲ್ಲಿ ಕೈಗೊಂಡ ಕಾಮಗಾರಿಗಳ ಪ್ರಗತಿ ಕುರಿತು ಅಧಿಕಾರಿಗಳು ಸಮರ್ಪಕ ಮಾಹಿತಿ ನೀಡಬೇಕು ಎಂದು ಸೂಚಿಸಿದರು. ಅಧಿಕಾರಿಗಳು ಕ್ಷೇತ್ರ ಭೇಟಿ ನೀಡಿ ಕಾಮಗಾರಿ ವೀಕ್ಷಿಸಬೇಕು. ಅಕ್ಷರ ಆವಿಷ್ಕಾರ, ಆರೋಗ್ಯ ಆವಿಷ್ಕಾರ ಕಾರ್ಯಕ್ರಮಗಳ ಅನುಷ್ಠಾನಕ್ಕೆ ವಿಶೇಷ ಒತ್ತು ನೀಡಲಾಗಿದೆ. ಶಾಲೆಗಳ ಕೊಠಡಿ ನಿರ್ಮಾಣ, ಶೌಚಾಲಯ, ಕುಡಿಯುವ ನೀರಿನ ವ್ಯವಸ್ಥೆ ಕಲ್ಪಿಸಲು ಕ್ರಮ ವಹಿಸಲಾಗಿದೆ. ಆಸ್ಪತ್ರೆಗಳಲ್ಲಿ ಅಗತ್ಯ ವೈದ್ಯಕೀಯ ಉಪಕರಣ ಖರೀದಿಗೆ ಅನುದಾನ ನೀಡಲಾಗಿದೆ. ಸಭೆಯಲ್ಲಿ ಜಿಲ್ಲಾಧಿಕಾರಿ, ಜಿಲ್ಲಾ ಪಂಚಾಯತ್ ಮುಖ್ಯ ಕಾರ್ಯನಿರ್ವಾಹಕ ಅಧಿಕಾರಿ ಸೇರಿದಂತೆ ವಿವಿಧ ಇಲಾಖೆಗಳ ಅಧಿಕಾರಿಗಳು ಉಪಸ್ಥಿತರಿದ್ದರು.
ಕೆರೆಗಳ ವೀಕ್ಷಿಸಿದ ಶಾಸಕ ತುರ್ವಿಹಾಳ
● ಸುದ್ದಿಮೂಲ ವಾರ್ತೆ ಸಿಂಧನೂರು, ಏ.08 :
ಸುಕಾಲಪೇಟೆ ಸೇರಿದಂತೆ ಸಿಂಧನೂರು ತಾಲೂಕಿನ ವಿವಿಧ ಗ್ರಾಮಗಳ ಕೆರೆಗಳಿಗೆ ಶಾಸಕ ತುರ್ವಿಹಾಳ ಭೇಟಿ ನೀಡಿ ಪರಿಶೀಲನೆ ನಡೆಸಿದರು. ಕುಡಿಯುವ ನೀರಿನ ಕೆರೆಗಳಲ್ಲಿ ನೀರಿನ ಸಂಗ್ರಹ ಹಾಗೂ ಸ್ವಚ್ಛತೆ ಕುರಿತು ಅಧಿಕಾರಿಗಳಿಂದ ಮಾಹಿತಿ ಪಡೆದರು. ಬೇಸಿಗೆಯಲ್ಲಿ ಕುಡಿಯುವ ನೀರಿನ ಸಮಸ್ಯೆ ಉದ್ಭವಿಸದಂತೆ ಮುನ್ನೆಚ್ಚರಿಕೆ ವಹಿಸಬೇಕು ಎಂದು ಸೂಚಿಸಿದರು. ಈ ಸಂದರ್ಭದಲ್ಲಿ ಗ್ರಾಮ ಪಂಚಾಯತ್ ಅಧಿಕಾರಿಗಳು, ಸ್ಥಳೀಯ ಮುಖಂಡರು ಹಾಜರಿದ್ದರು.
ಕರಡಿಗುಡ್ಡ ಶಾಲೆಯಲ್ಲಿ ಸಮುದಾಯದತ್ತ
ಶಾಲೆ ಕಾರ್ಯಕ್ರಮಕ್ಕೆ ಶಿಕ್ಷಣ ಅಧಿಕಾರಿಗಳ ಭೇಟಿ
● ಸುದ್ದಿಮೂಲ ವಾರ್ತೆ ಜಾಲಹಳ್ಳಿ, ಏ.08 :
ಇಲ್ಲಿನ ಕರಡಿಗುಡ್ಡ ಸರ್ಕಾರಿ ಹಿರಿಯ ಪ್ರಾಥಮಿಕ ಶಾಲೆಯಲ್ಲಿ ಹಮ್ಮಿಕೊಂಡಿದ್ದ ಸಮುದಾಯದತ್ತ ಶಾಲೆ ಕಾರ್ಯಕ್ರಮಕ್ಕೆ ಶಿಕ್ಷಣ ಇಲಾಖೆಯ ಅಧಿಕಾರಿಗಳು ಭೇಟಿ ನೀಡಿ ಪೋಷಕರೊಂದಿಗೆ ಚರ್ಚಿಸಿದರು. ಮಕ್ಕಳ ಕಲಿಕೆಯ ಪ್ರಗತಿ ಕುರಿತು ಮಾಹಿತಿ ನೀಡಲಾಯಿತು. ಶಾಲಾ ಅಭಿವೃದ್ಧಿ ಮತ್ತು ಮೇಲುಸ್ತುವಾರಿ ಸಮಿತಿ ಸದಸ್ಯರು, ಶಿಕ್ಷಕರು ಹಾಗೂ ಪೋಷಕರು ಉಪಸ್ಥಿತರಿದ್ದರು.
ಇಲ್ಲಿನ ಕರಡಿಗುಡ್ಡ ಸರ್ಕಾರಿ ಹಿರಿಯ ಪ್ರಾಥಮಿಕ ಶಾಲೆಯಲ್ಲಿ ಹಮ್ಮಿಕೊಂಡಿದ್ದ ಸಮುದಾಯದತ್ತ ಶಾಲೆ ಕಾರ್ಯಕ್ರಮಕ್ಕೆ ಶಿಕ್ಷಣ ಇಲಾಖೆಯ ಅಧಿಕಾರಿಗಳು ಭೇಟಿ ನೀಡಿ ಪೋಷಕರೊಂದಿಗೆ ಚರ್ಚಿಸಿದರು. ಮಕ್ಕಳ ಕಲಿಕೆಯ ಪ್ರಗತಿ ಕುರಿತು ಮಾಹಿತಿ ನೀಡಲಾಯಿತು. ಶಾಲಾ ಅಭಿವೃದ್ಧಿ ಮತ್ತು ಮೇಲುಸ್ತುವಾರಿ ಸಮಿತಿ ಸದಸ್ಯರು, ಶಿಕ್ಷಕರು ಹಾಗೂ ಪೋಷಕರು ಉಪಸ್ಥಿತರಿದ್ದರು.
